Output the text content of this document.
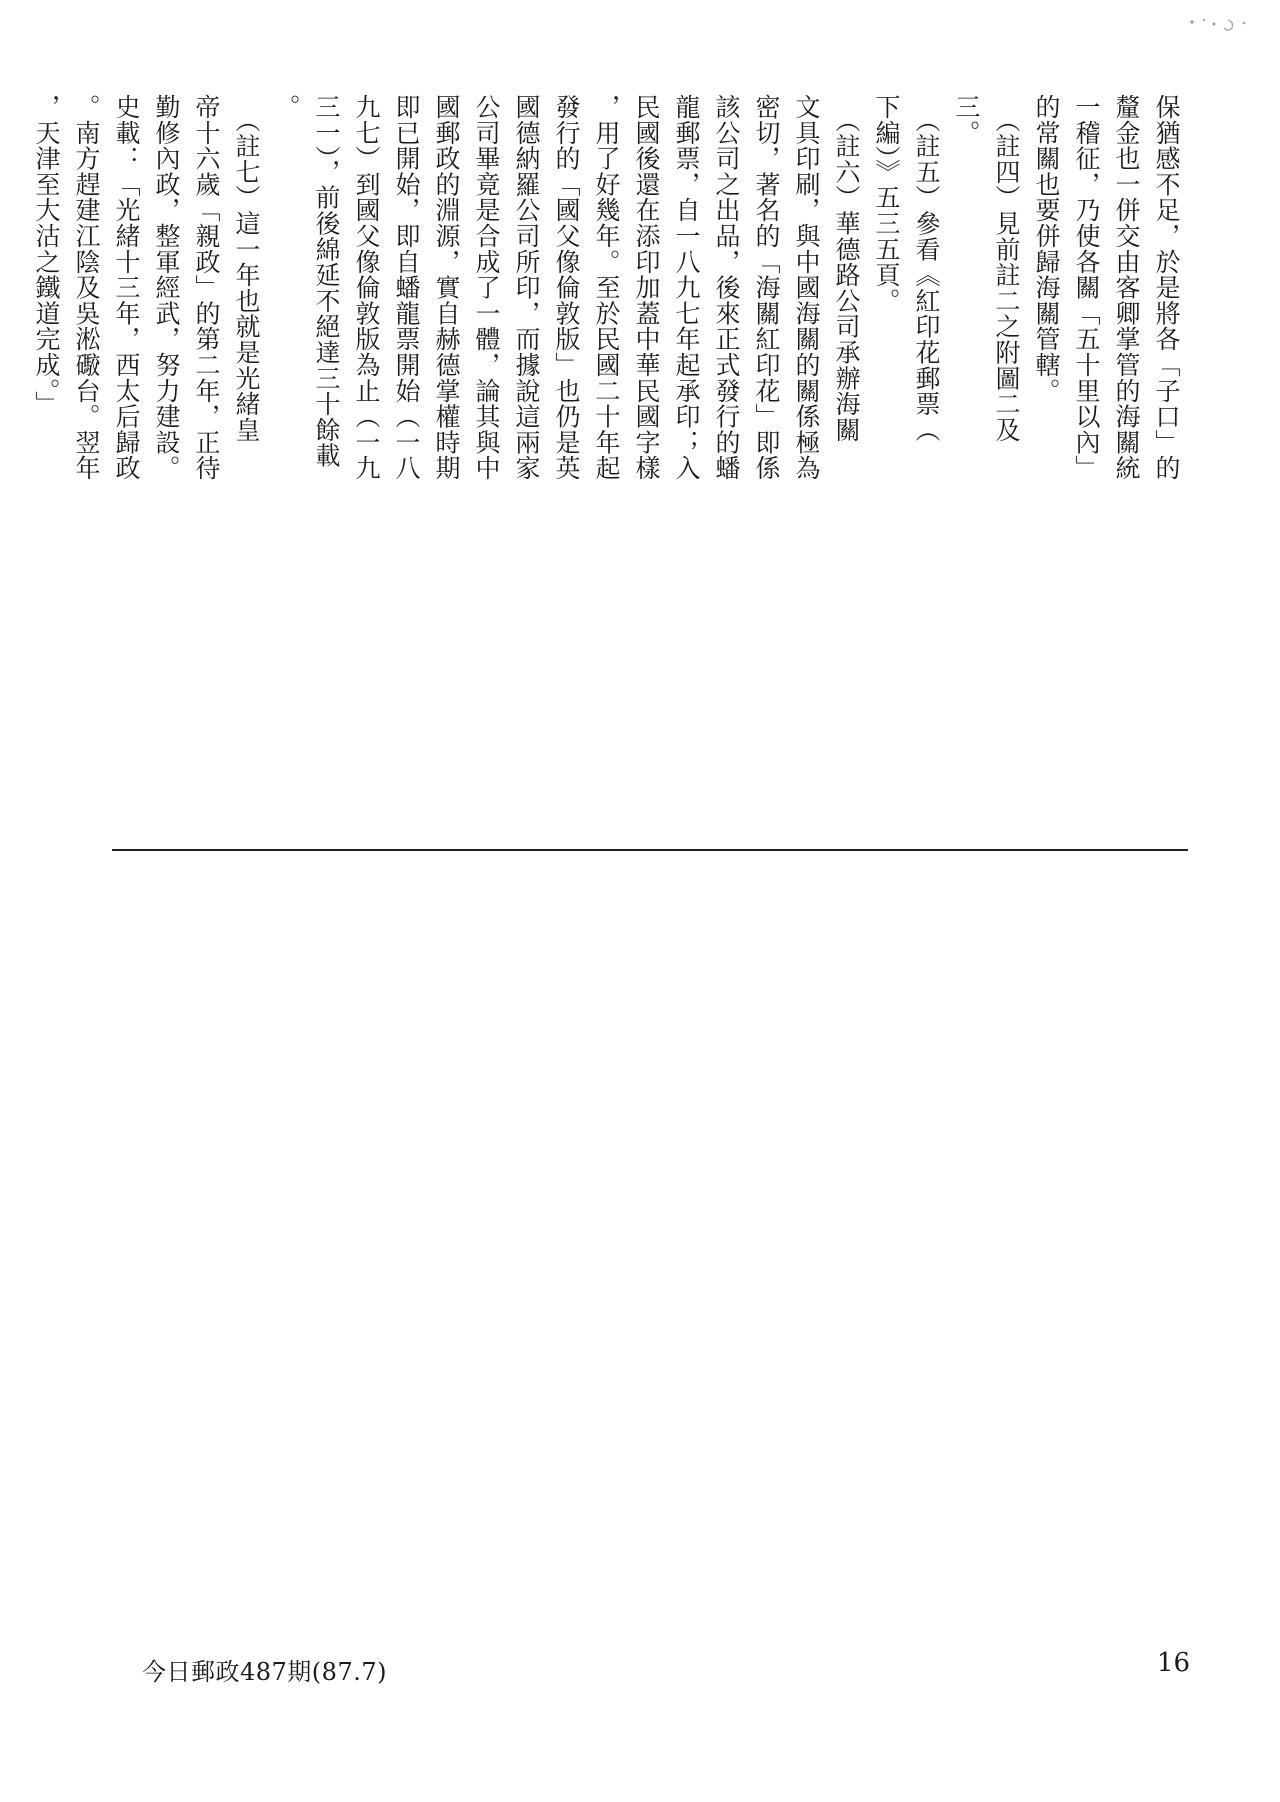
保猶感不足，於是將各「子口」的
釐金也一併交由客卿掌管的海關統
一稽征，乃使各關「五十里以內」
的常關也要併歸海關管轄。
　（註四）見前註二之附圖二及
三。
　（註五）參看《紅印花郵票（
下編）》五三五頁。
　（註六）華德路公司承辦海關
文具印刷，與中國海關的關係極為
密切，著名的「海關紅印花」即係
該公司之出品，後來正式發行的蟠
龍郵票，自一八九七年起承印；入
民國後還在添印加蓋中華民國字樣
，用了好幾年。至於民國二十年起
發行的「國父像倫敦版」也仍是英
國德納羅公司所印，而據說這兩家
公司畢竟是合成了一體，論其與中
國郵政的淵源，實自赫德掌權時期
即已開始，即自蟠龍票開始（一八
九七）到國父像倫敦版為止（一九
三一），前後綿延不絕達三十餘載
。
　（註七）這一年也就是光緒皇
帝十六歲「親政」的第二年，正待
勤修內政，整軍經武，努力建設。
史載：「光緒十三年，西太后歸政
。南方趕建江陰及吳淞礮台。翌年
，天津至大沽之鐵道完成。」
今日郵政487期(87.7)	16
